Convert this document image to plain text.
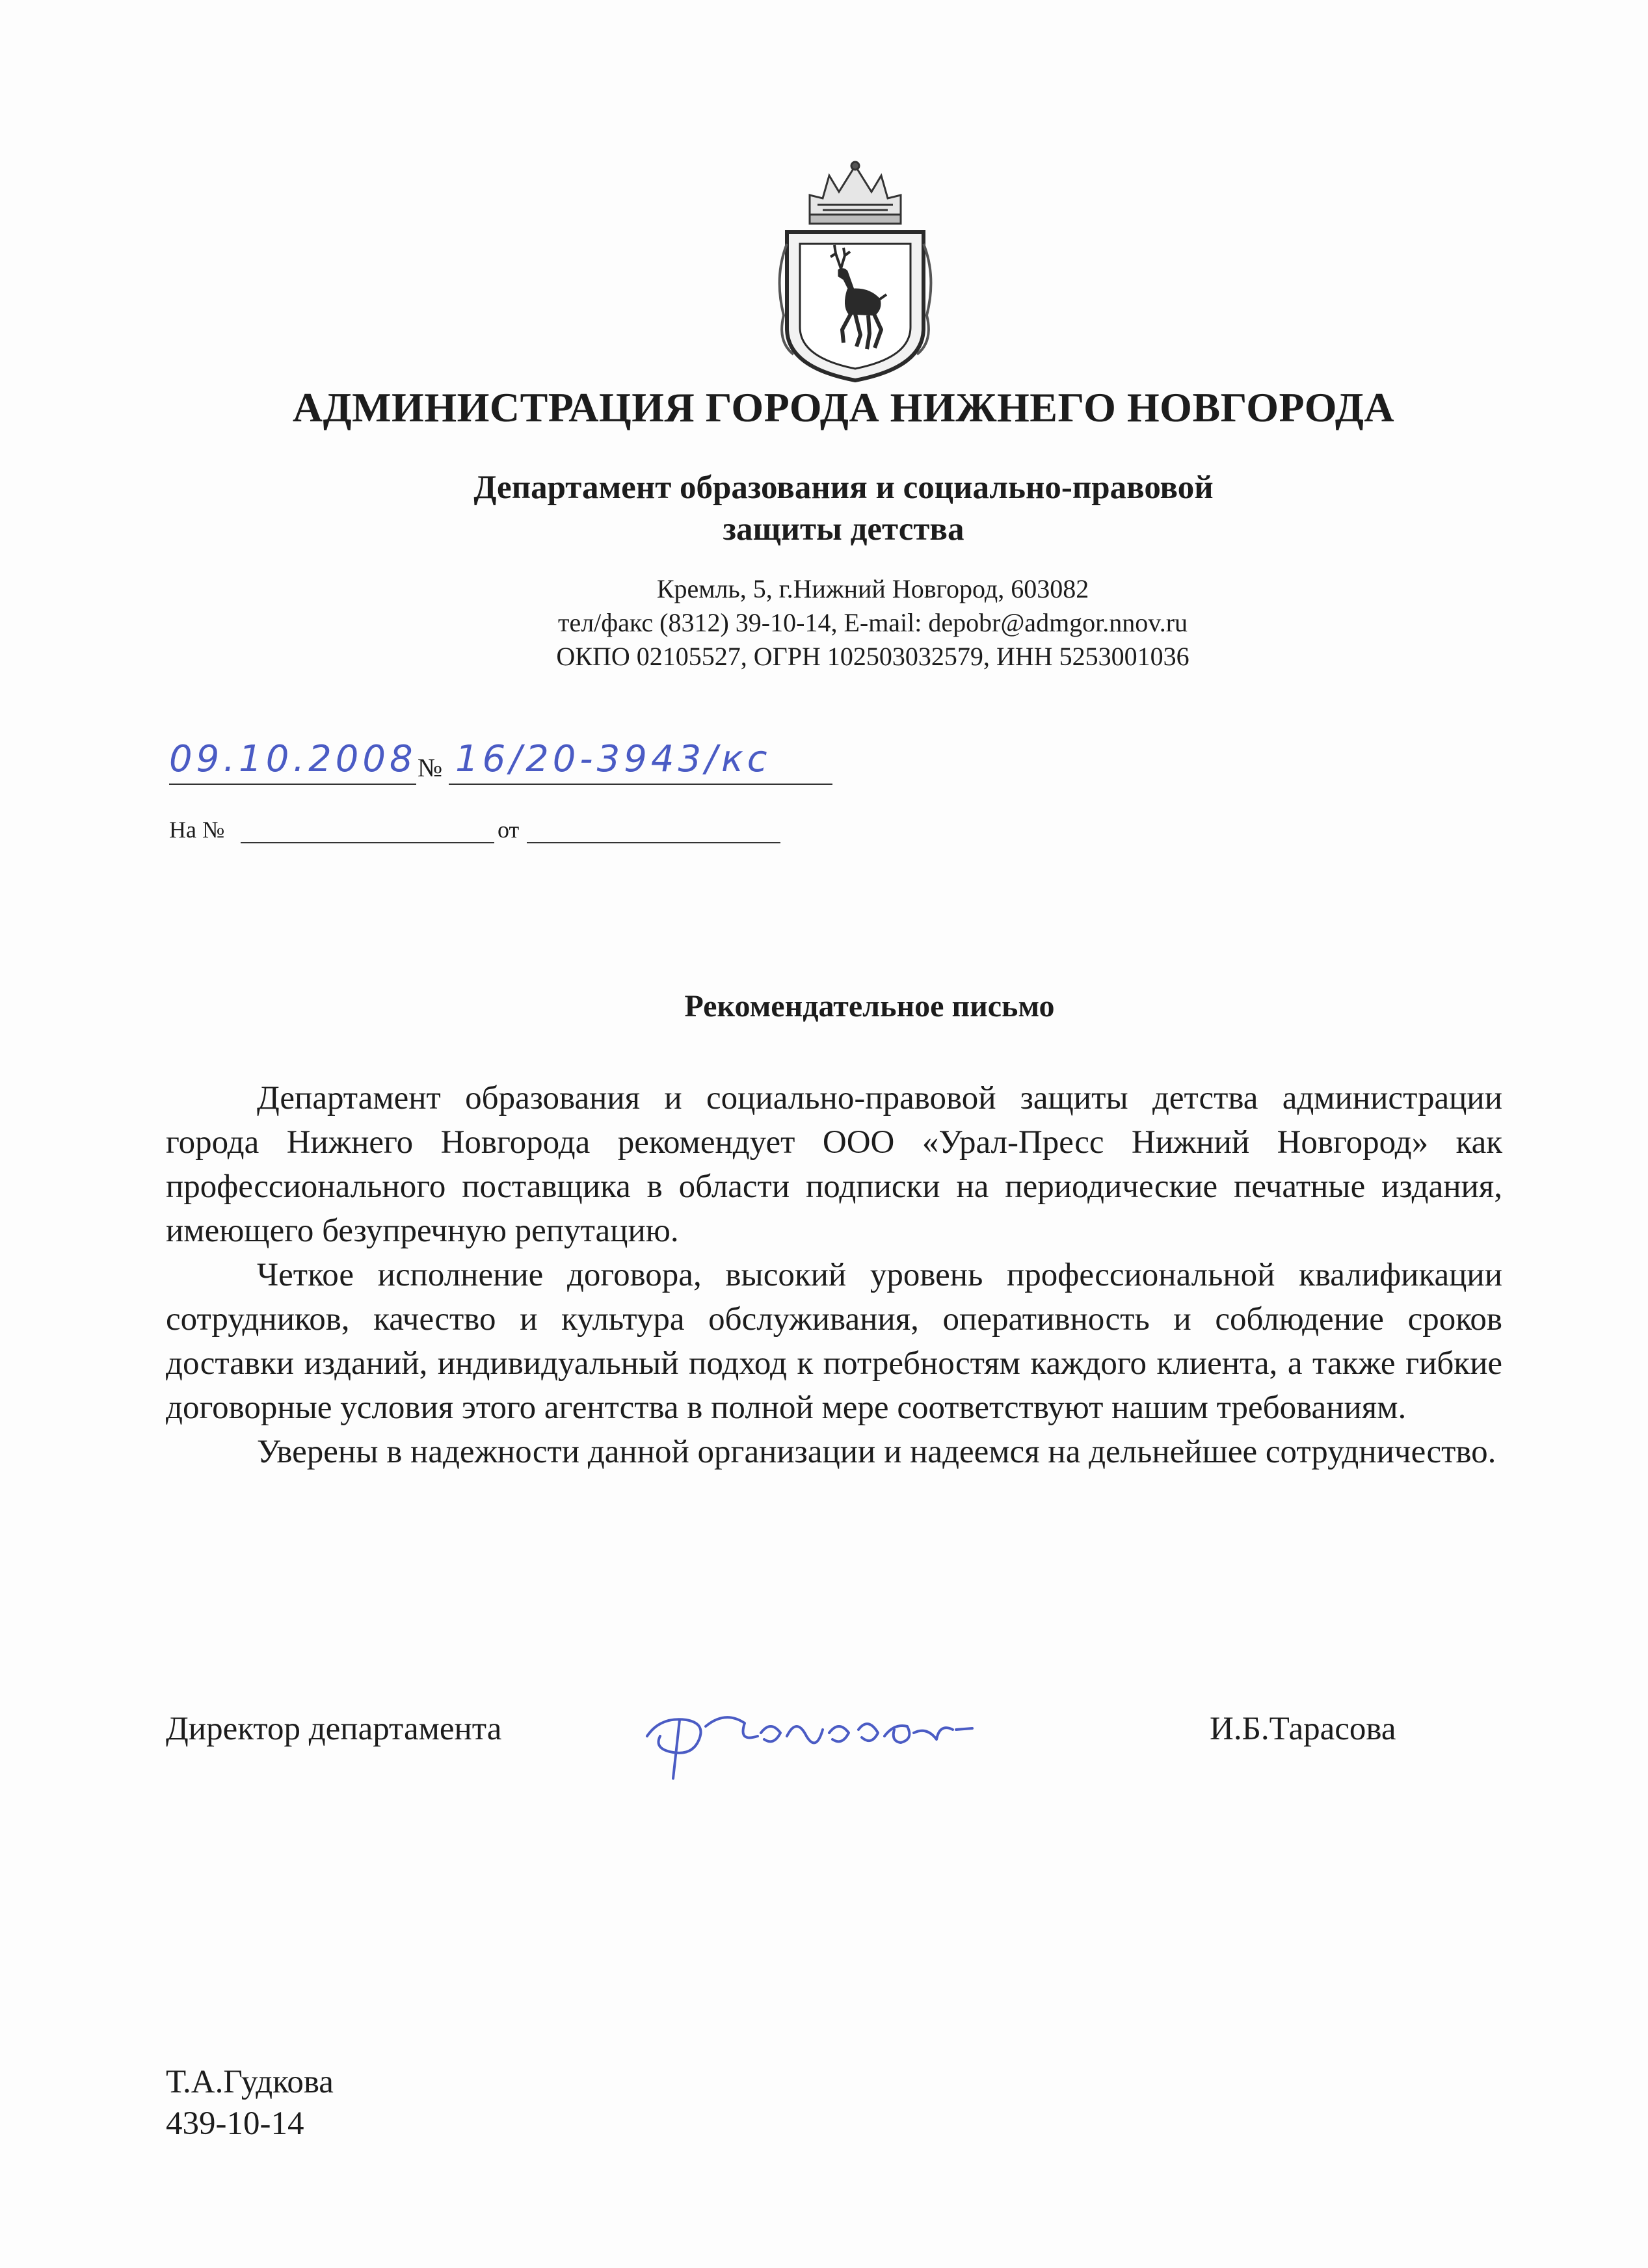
АДМИНИСТРАЦИЯ ГОРОДА НИЖНЕГО НОВГОРОДА
Департамент образования и социально-правовой
защиты детства
Кремль, 5, г.Нижний Новгород, 603082
тел/факс (8312) 39-10-14, E-mail: depobr@admgor.nnov.ru
ОКПО 02105527, ОГРН 102503032579, ИНН 5253001036
09.10.2008 № 16/20-3943/кс
На №	от
Рекомендательное письмо

Департамент образования и социально-правовой защиты детства администрации города Нижнего Новгорода рекомендует ООО «Урал-Пресс Нижний Новгород» как профессионального поставщика в области подписки на периодические печатные издания, имеющего безупречную репутацию.

Четкое исполнение договора, высокий уровень профессиональной квалификации сотрудников, качество и культура обслуживания, оперативность и соблюдение сроков доставки изданий, индивидуальный подход к потребностям каждого клиента, а также гибкие договорные условия этого агентства в полной мере соответствуют нашим требованиям.

Уверены в надежности данной организации и надеемся на дельнейшее сотрудничество.

Директор департамента	И.Б.Тарасова
Т.А.Гудкова
439-10-14
